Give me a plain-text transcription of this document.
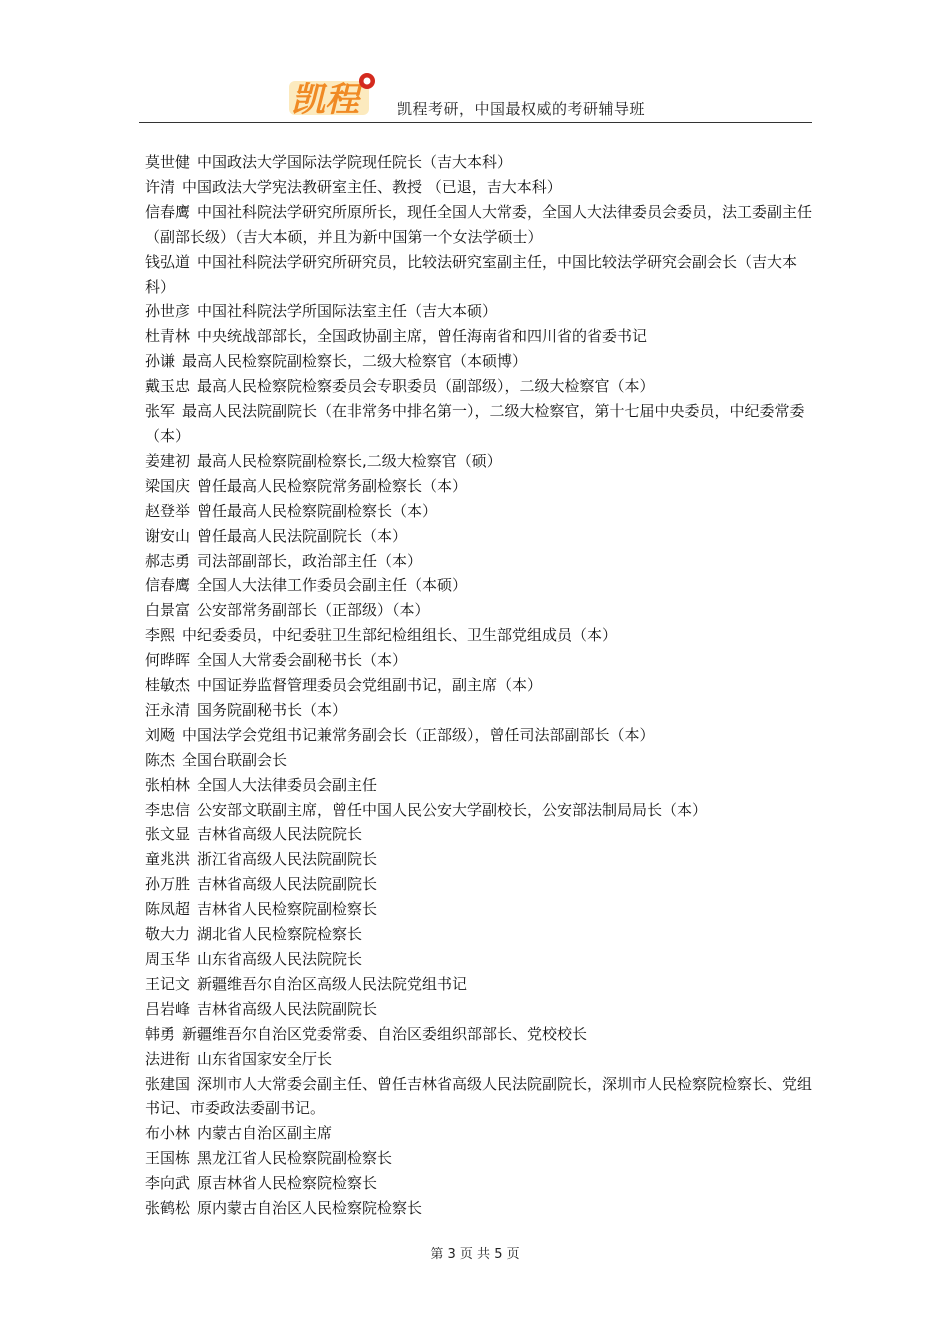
凯程	凯程考研，中国最权威的考研辅导班

莫世健 中国政法大学国际法学院现任院长（吉大本科）

许清 中国政法大学宪法教研室主任、教授 （已退，吉大本科）

信春鹰 中国社科院法学研究所原所长，现任全国人大常委，全国人大法律委员会委员，法工委副主任（副部长级）（吉大本硕，并且为新中国第一个女法学硕士）

钱弘道 中国社科院法学研究所研究员，比较法研究室副主任，中国比较法学研究会副会长（吉大本科）

孙世彦 中国社科院法学所国际法室主任（吉大本硕）

杜青林 中央统战部部长，全国政协副主席，曾任海南省和四川省的省委书记

孙谦 最高人民检察院副检察长，二级大检察官（本硕博）

戴玉忠 最高人民检察院检察委员会专职委员（副部级），二级大检察官（本）

张军 最高人民法院副院长（在非常务中排名第一），二级大检察官，第十七届中央委员，中纪委常委（本）

姜建初 最高人民检察院副检察长,二级大检察官（硕）

梁国庆 曾任最高人民检察院常务副检察长（本）

赵登举 曾任最高人民检察院副检察长（本）

谢安山 曾任最高人民法院副院长（本）

郝志勇 司法部副部长，政治部主任（本）

信春鹰 全国人大法律工作委员会副主任（本硕）

白景富 公安部常务副部长（正部级）（本）

李熙 中纪委委员，中纪委驻卫生部纪检组组长、卫生部党组成员（本）

何晔晖 全国人大常委会副秘书长（本）

桂敏杰 中国证券监督管理委员会党组副书记，副主席（本）

汪永清 国务院副秘书长（本）

刘飏 中国法学会党组书记兼常务副会长（正部级），曾任司法部副部长（本）

陈杰 全国台联副会长

张柏林 全国人大法律委员会副主任

李忠信 公安部文联副主席，曾任中国人民公安大学副校长，公安部法制局局长（本）

张文显 吉林省高级人民法院院长

童兆洪 浙江省高级人民法院副院长

孙万胜 吉林省高级人民法院副院长

陈凤超 吉林省人民检察院副检察长

敬大力 湖北省人民检察院检察长

周玉华 山东省高级人民法院院长

王记文 新疆维吾尔自治区高级人民法院党组书记

吕岩峰 吉林省高级人民法院副院长

韩勇 新疆维吾尔自治区党委常委、自治区委组织部部长、党校校长

法进衔 山东省国家安全厅长

张建国 深圳市人大常委会副主任、曾任吉林省高级人民法院副院长，深圳市人民检察院检察长、党组书记、市委政法委副书记。

布小林 内蒙古自治区副主席

王国栋 黑龙江省人民检察院副检察长

李向武 原吉林省人民检察院检察长

张鹤松 原内蒙古自治区人民检察院检察长

第 3 页 共 5 页
